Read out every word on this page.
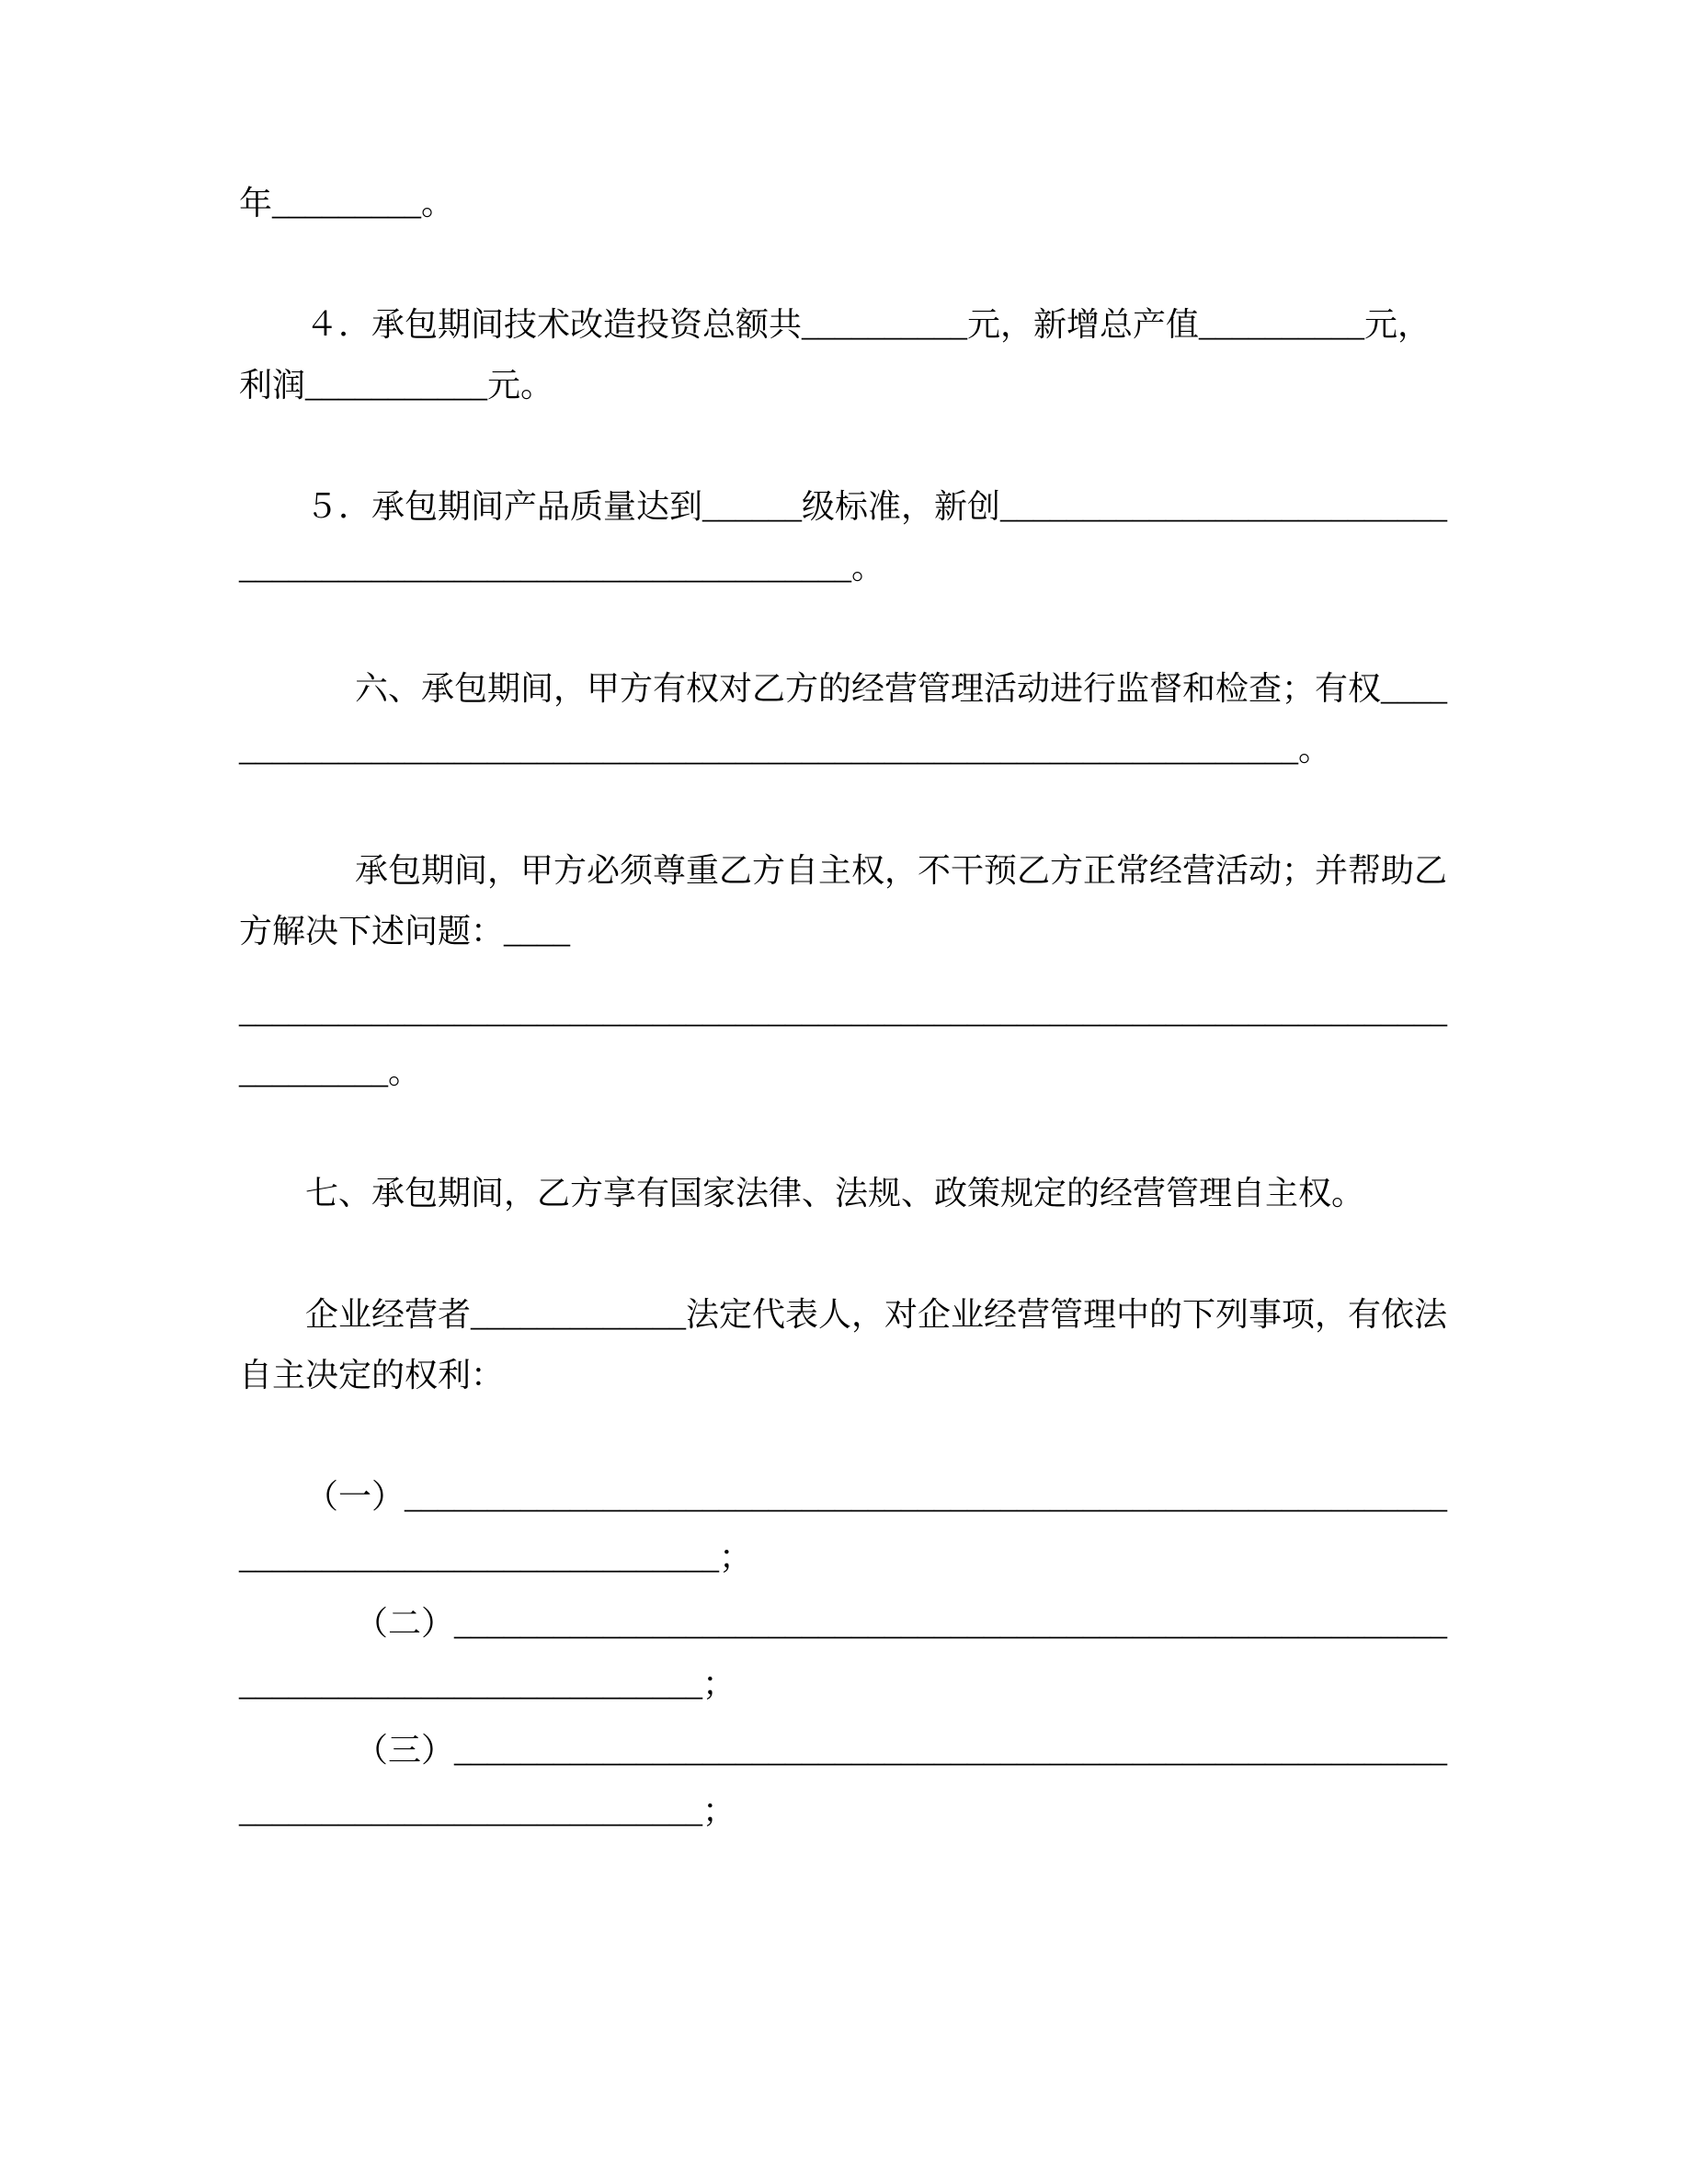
年_________。

４．承包期间技术改造投资总额共__________元，新增总产值__________元，利润___________元。

５．承包期间产品质量达到______级标准，新创________________________________________________________________。

六、承包期间，甲方有权对乙方的经营管理活动进行监督和检查；有权____________________________________________________________________。

承包期间，甲方必须尊重乙方自主权，不干预乙方正常经营活动；并帮助乙方解决下述问题：____

__________________________________________________________________________________。

七、承包期间，乙方享有国家法律、法规、政策规定的经营管理自主权。

企业经营者_____________法定代表人，对企业经营管理中的下列事项，有依法自主决定的权利：

（一）____________________________________________________________________________________________；

（二）________________________________________________________________________________________；

（三）________________________________________________________________________________________；
